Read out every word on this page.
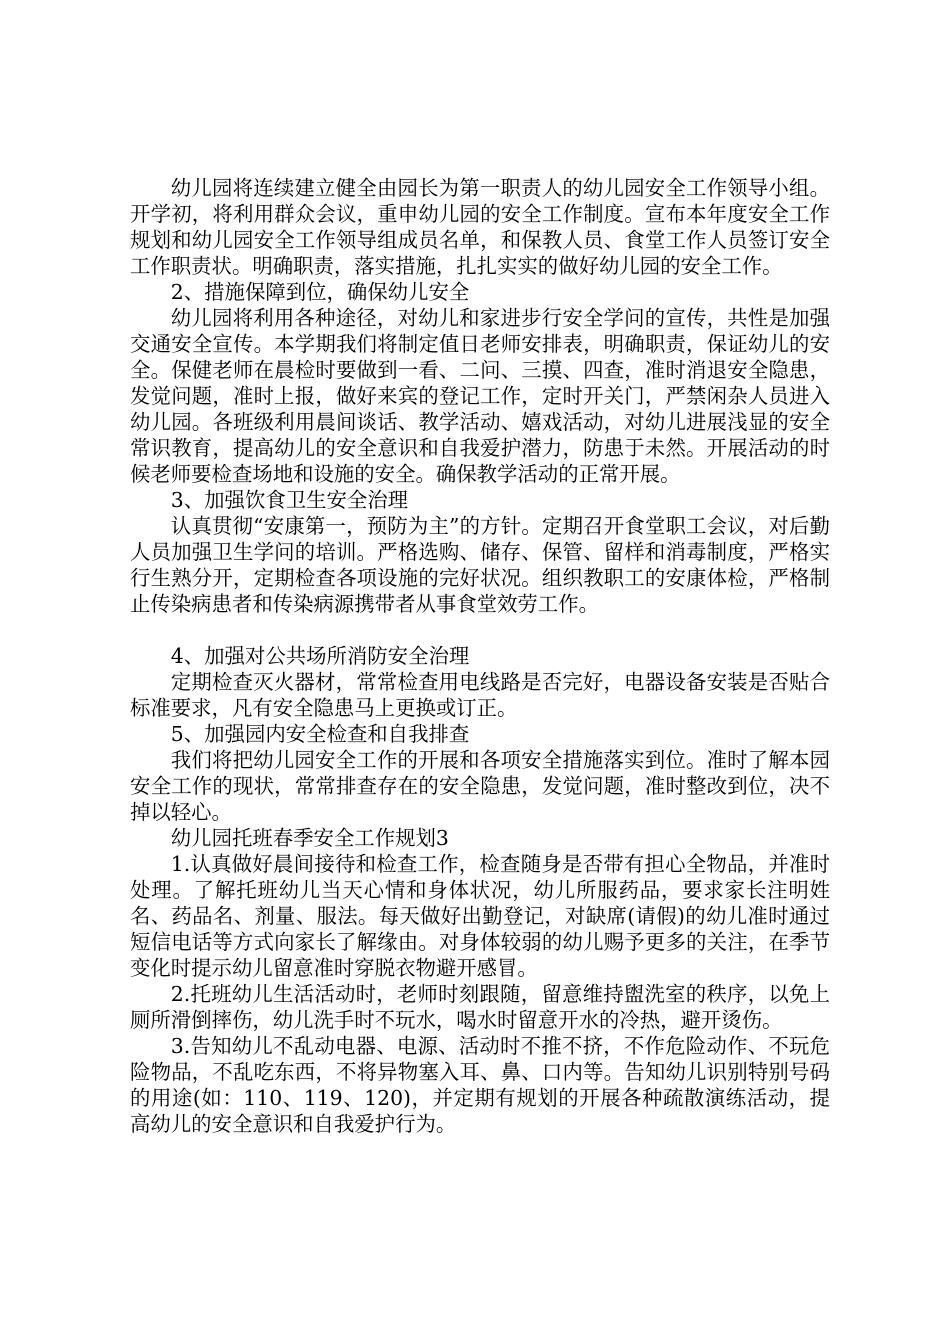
幼儿园将连续建立健全由园长为第一职责人的幼儿园安全工作领导小组。开学初，将利用群众会议，重申幼儿园的安全工作制度。宣布本年度安全工作规划和幼儿园安全工作领导组成员名单，和保教人员、食堂工作人员签订安全工作职责状。明确职责，落实措施，扎扎实实的做好幼儿园的安全工作。

2、措施保障到位，确保幼儿安全

幼儿园将利用各种途径，对幼儿和家进步行安全学问的宣传，共性是加强交通安全宣传。本学期我们将制定值日老师安排表，明确职责，保证幼儿的安全。保健老师在晨检时要做到一看、二问、三摸、四查，准时消退安全隐患，发觉问题，准时上报，做好来宾的登记工作，定时开关门，严禁闲杂人员进入幼儿园。各班级利用晨间谈话、教学活动、嬉戏活动，对幼儿进展浅显的安全常识教育，提高幼儿的安全意识和自我爱护潜力，防患于未然。开展活动的时候老师要检查场地和设施的安全。确保教学活动的正常开展。

3、加强饮食卫生安全治理

认真贯彻“安康第一，预防为主”的方针。定期召开食堂职工会议，对后勤人员加强卫生学问的培训。严格选购、储存、保管、留样和消毒制度，严格实行生熟分开，定期检查各项设施的完好状况。组织教职工的安康体检，严格制止传染病患者和传染病源携带者从事食堂效劳工作。

4、加强对公共场所消防安全治理

定期检查灭火器材，常常检查用电线路是否完好，电器设备安装是否贴合标准要求，凡有安全隐患马上更换或订正。

5、加强园内安全检查和自我排查

我们将把幼儿园安全工作的开展和各项安全措施落实到位。准时了解本园安全工作的现状，常常排查存在的安全隐患，发觉问题，准时整改到位，决不掉以轻心。

幼儿园托班春季安全工作规划3

1.认真做好晨间接待和检查工作，检查随身是否带有担心全物品，并准时处理。了解托班幼儿当天心情和身体状况，幼儿所服药品，要求家长注明姓名、药品名、剂量、服法。每天做好出勤登记，对缺席(请假)的幼儿准时通过短信电话等方式向家长了解缘由。对身体较弱的幼儿赐予更多的关注，在季节变化时提示幼儿留意准时穿脱衣物避开感冒。

2.托班幼儿生活活动时，老师时刻跟随，留意维持盥洗室的秩序，以免上厕所滑倒摔伤，幼儿洗手时不玩水，喝水时留意开水的冷热，避开烫伤。

3.告知幼儿不乱动电器、电源、活动时不推不挤，不作危险动作、不玩危险物品，不乱吃东西，不将异物塞入耳、鼻、口内等。告知幼儿识别特别号码的用途(如：110、119、120)，并定期有规划的开展各种疏散演练活动，提高幼儿的安全意识和自我爱护行为。
